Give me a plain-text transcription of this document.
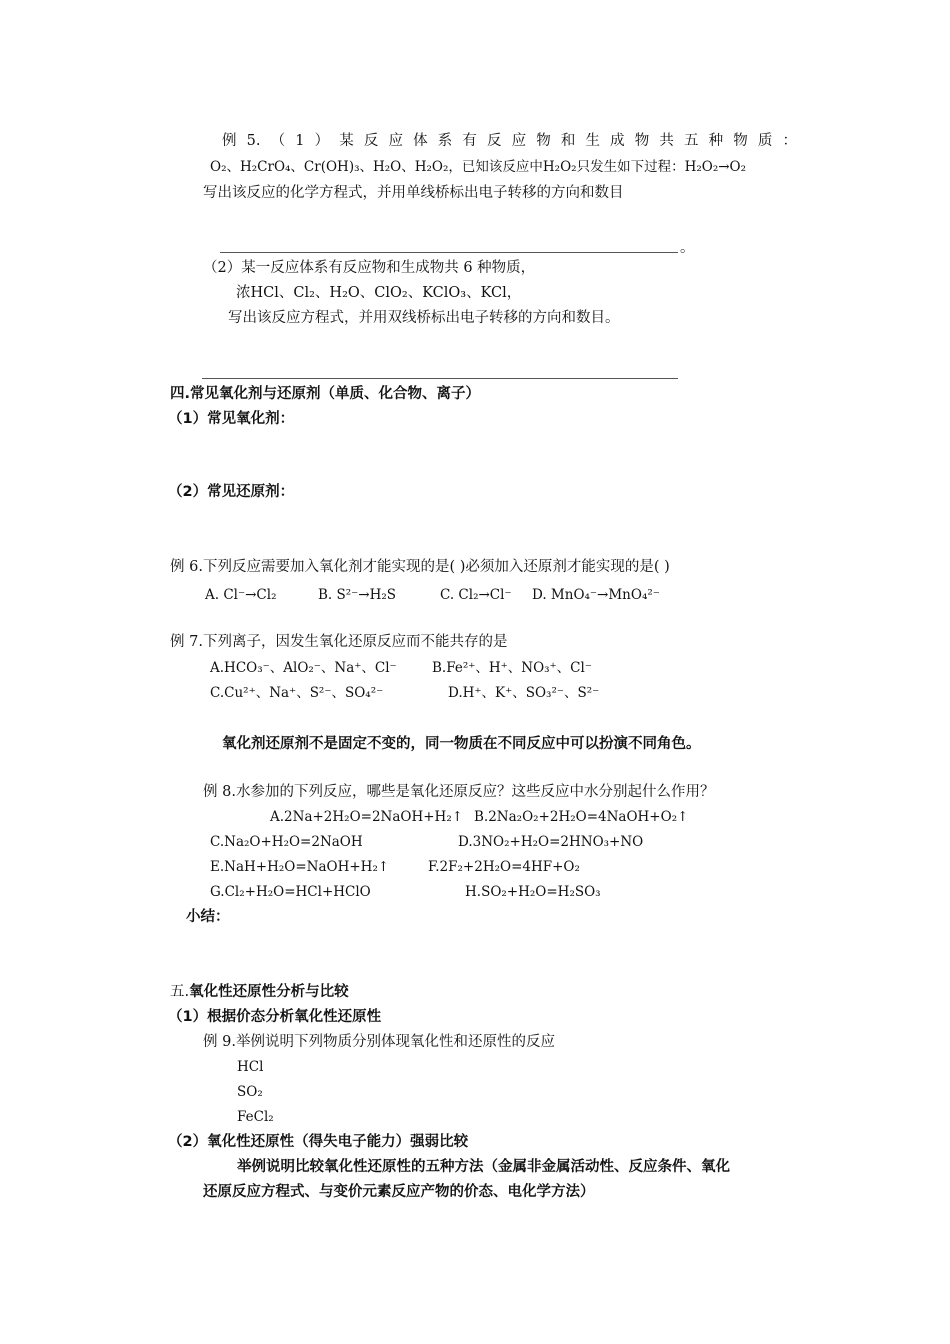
例 5. （ 1 ） 某 反 应 体 系 有 反 应 物 和 生 成 物 共 五 种 物 质 ：
O₂、H₂CrO₄、Cr(OH)₃、H₂O、H₂O₂，已知该反应中H₂O₂只发生如下过程：H₂O₂→O₂
写出该反应的化学方程式，并用单线桥标出电子转移的方向和数目
。
（2）某一反应体系有反应物和生成物共 6 种物质，
浓HCl、Cl₂、H₂O、ClO₂、KClO₃、KCl，
写出该反应方程式，并用双线桥标出电子转移的方向和数目。
四.常见氧化剂与还原剂（单质、化合物、离子）
（1）常见氧化剂：
（2）常见还原剂：
例 6.下列反应需要加入氧化剂才能实现的是( )必须加入还原剂才能实现的是( )
A. Cl⁻→Cl₂	B. S²⁻→H₂S	C. Cl₂→Cl⁻ D. MnO₄⁻→MnO₄²⁻
例 7.下列离子，因发生氧化还原反应而不能共存的是
A.HCO₃⁻、AlO₂⁻、Na⁺、Cl⁻	B.Fe²⁺、H⁺、NO₃⁺、Cl⁻
C.Cu²⁺、Na⁺、S²⁻、SO₄²⁻	D.H⁺、K⁺、SO₃²⁻、S²⁻
氧化剂还原剂不是固定不变的，同一物质在不同反应中可以扮演不同角色。
例 8.水参加的下列反应，哪些是氧化还原反应？这些反应中水分别起什么作用？
A.2Na+2H₂O=2NaOH+H₂↑ B.2Na₂O₂+2H₂O=4NaOH+O₂↑
C.Na₂O+H₂O=2NaOH	D.3NO₂+H₂O=2HNO₃+NO
E.NaH+H₂O=NaOH+H₂↑	F.2F₂+2H₂O=4HF+O₂
G.Cl₂+H₂O=HCl+HClO	H.SO₂+H₂O=H₂SO₃
小结：
五.氧化性还原性分析与比较
（1）根据价态分析氧化性还原性
例 9.举例说明下列物质分别体现氧化性和还原性的反应
HCl
SO₂
FeCl₂
（2）氧化性还原性（得失电子能力）强弱比较
举例说明比较氧化性还原性的五种方法（金属非金属活动性、反应条件、氧化
还原反应方程式、与变价元素反应产物的价态、电化学方法）
